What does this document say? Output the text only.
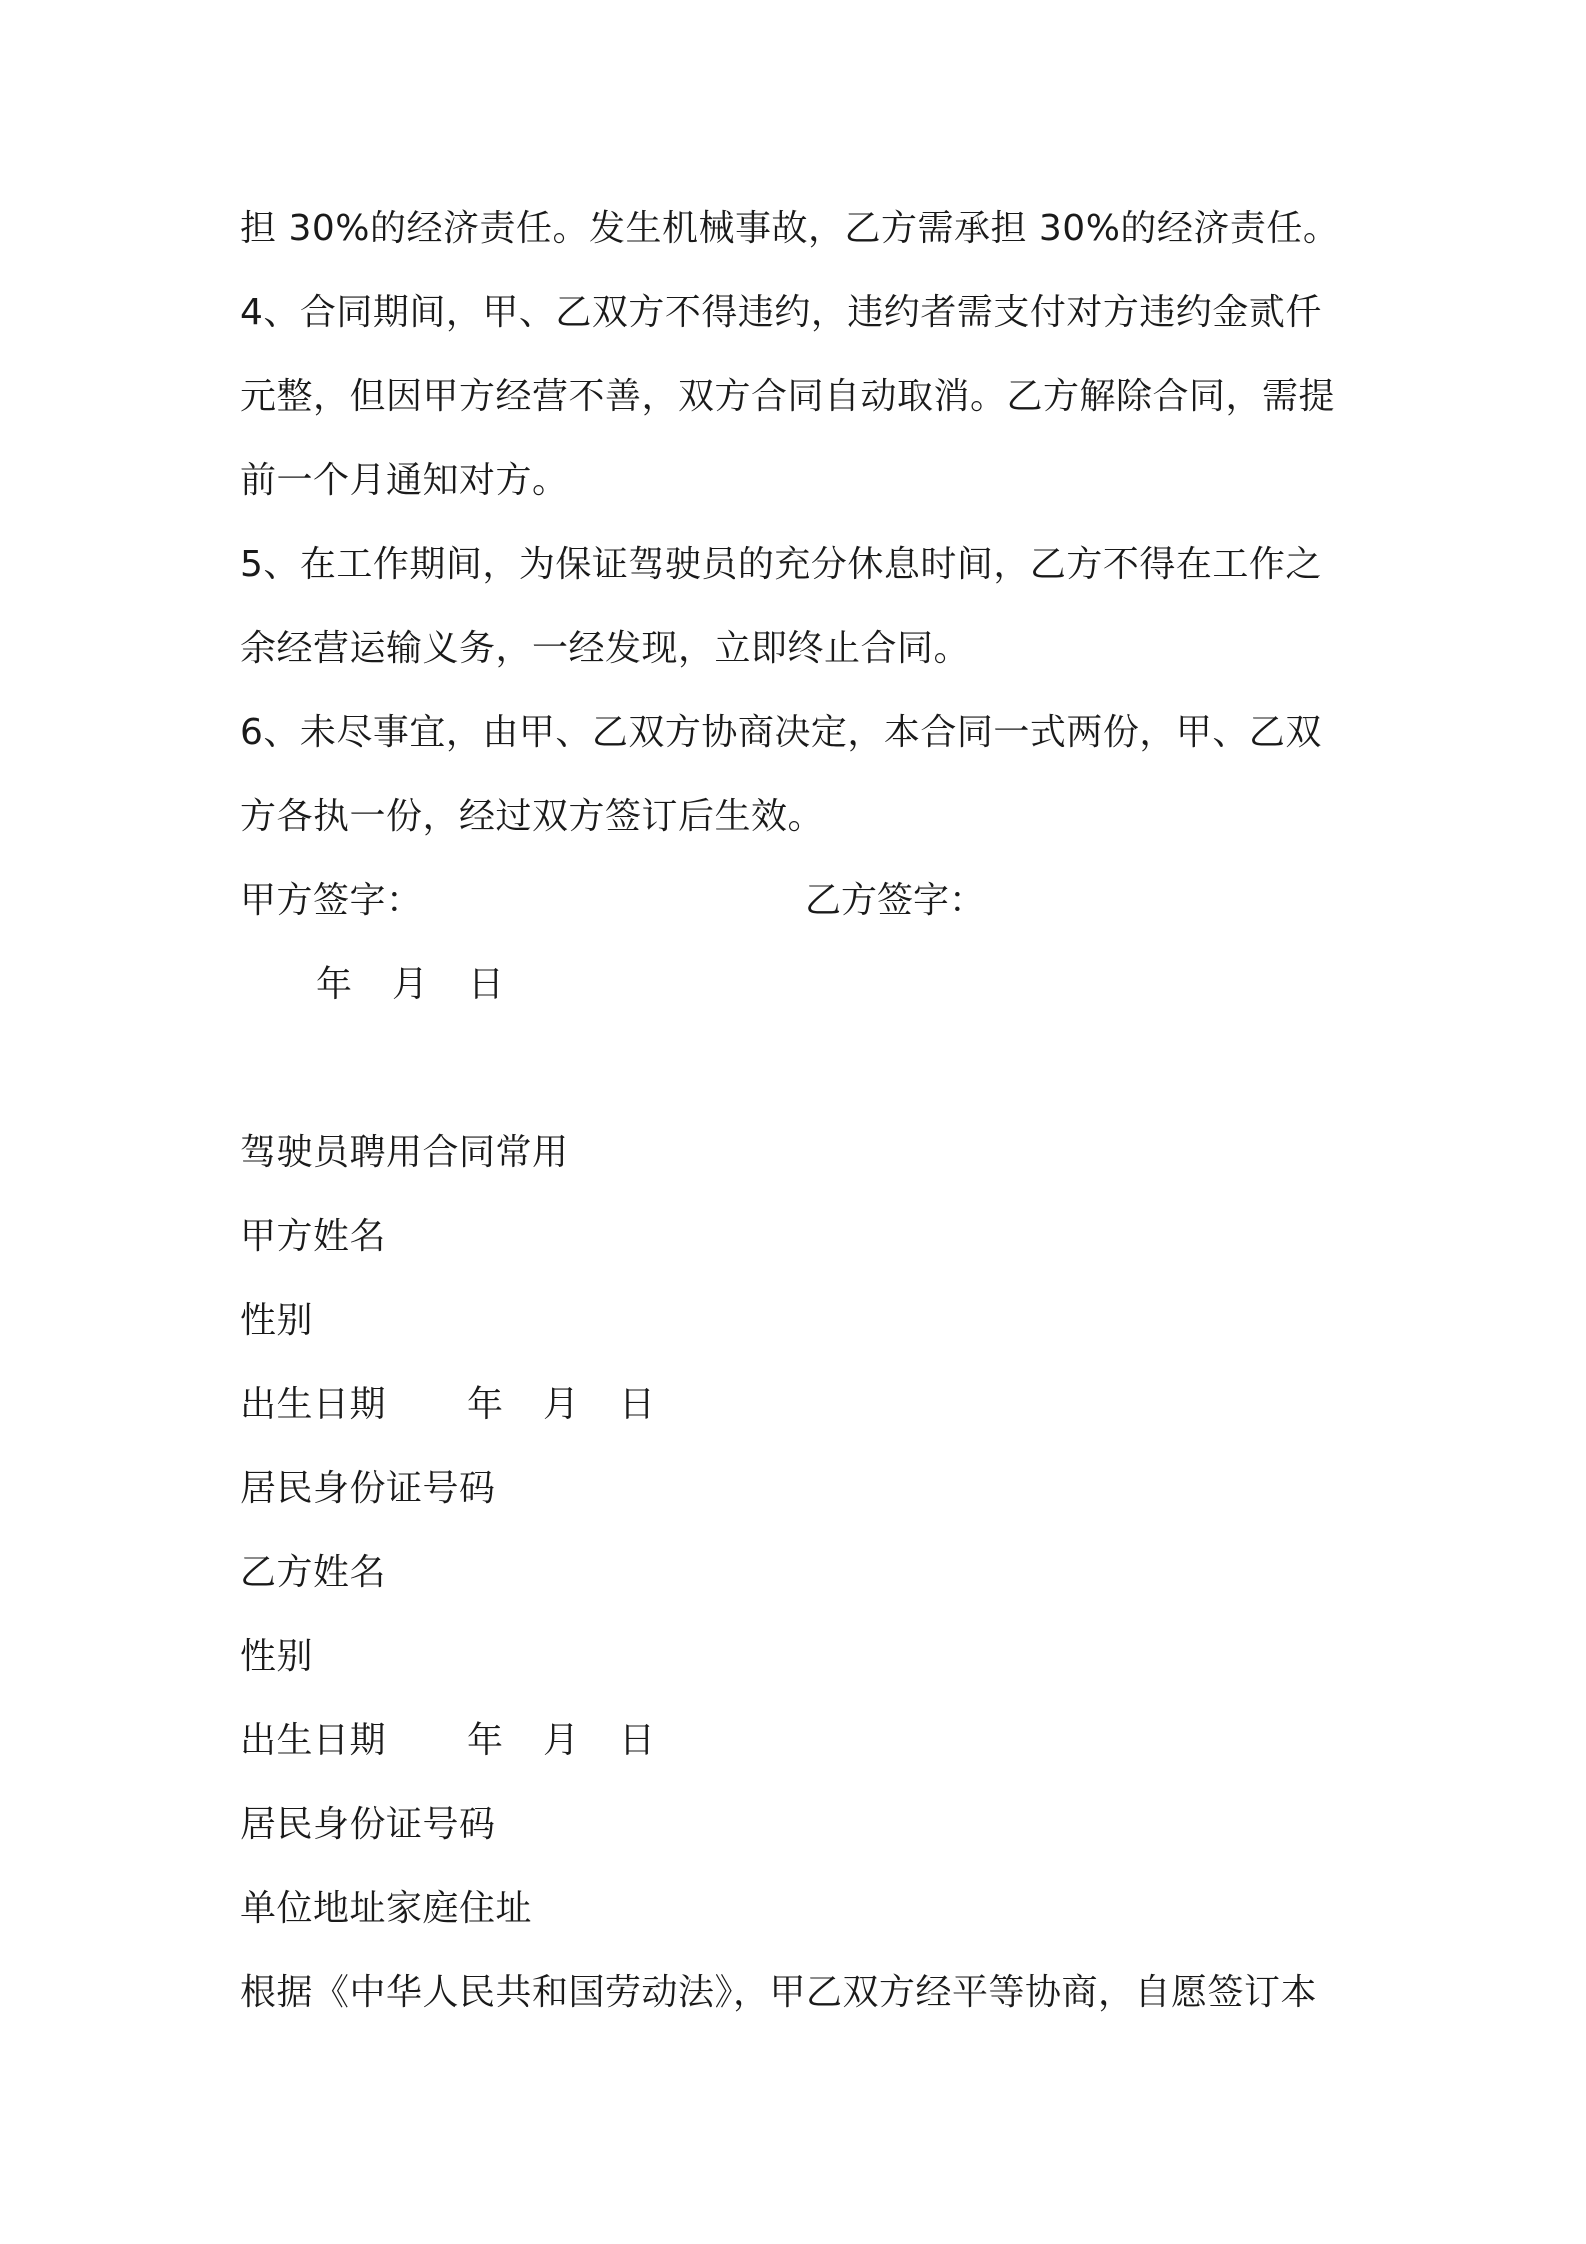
担 30%的经济责任。发生机械事故，乙方需承担 30%的经济责任。
4、合同期间，甲、乙双方不得违约，违约者需支付对方违约金贰仟
元整，但因甲方经营不善，双方合同自动取消。乙方解除合同，需提
前一个月通知对方。
5、在工作期间，为保证驾驶员的充分休息时间，乙方不得在工作之
余经营运输义务，一经发现，立即终止合同。
6、未尽事宜，由甲、乙双方协商决定，本合同一式两份，甲、乙双
方各执一份，经过双方签订后生效。
甲方签字：	乙方签字：
年 月 日
驾驶员聘用合同常用
甲方姓名
性别
出生日期 年 月 日
居民身份证号码
乙方姓名
性别
出生日期 年 月 日
居民身份证号码
单位地址家庭住址
根据《中华人民共和国劳动法》，甲乙双方经平等协商，自愿签订本
